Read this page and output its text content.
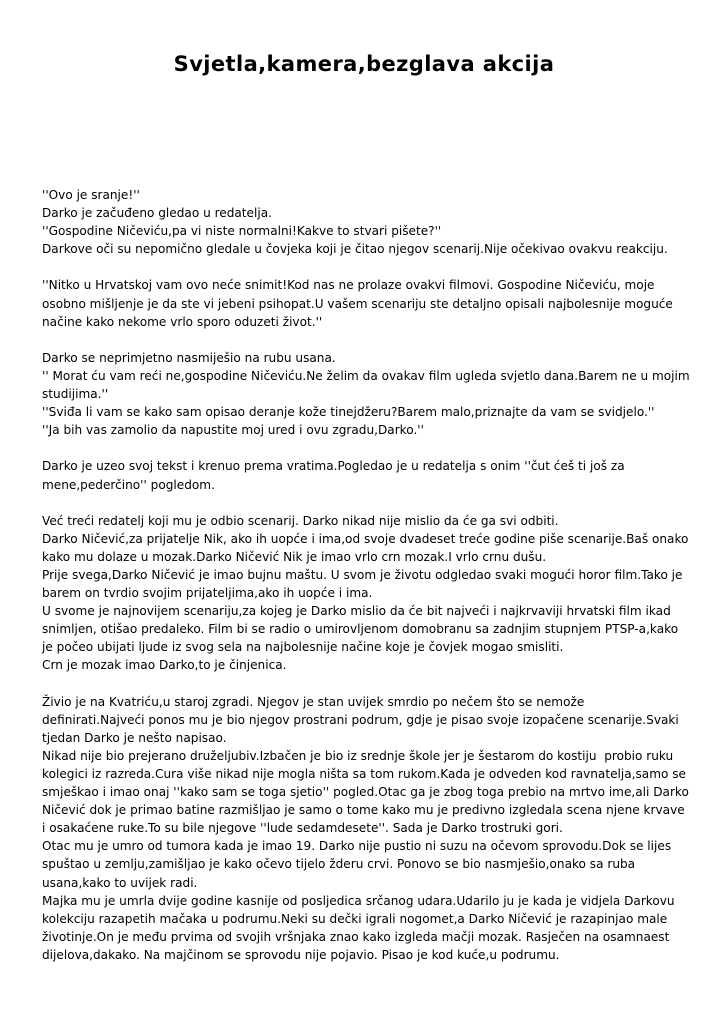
Svjetla,kamera,bezglava akcija

''Ovo je sranje!''
Darko je začuđeno gledao u redatelja.
''Gospodine Ničeviću,pa vi niste normalni!Kakve to stvari pišete?''
Darkove oči su nepomično gledale u čovjeka koji je čitao njegov scenarij.Nije očekivao ovakvu reakciju.

''Nitko u Hrvatskoj vam ovo neće snimit!Kod nas ne prolaze ovakvi filmovi. Gospodine Ničeviću, moje osobno mišljenje je da ste vi jebeni psihopat.U vašem scenariju ste detaljno opisali najbolesnije moguće načine kako nekome vrlo sporo oduzeti život.''

Darko se neprimjetno nasmiješio na rubu usana.
'' Morat ću vam reći ne,gospodine Ničeviću.Ne želim da ovakav film ugleda svjetlo dana.Barem ne u mojim studijima.''
''Sviđa li vam se kako sam opisao deranje kože tinejdžeru?Barem malo,priznajte da vam se svidjelo.''
''Ja bih vas zamolio da napustite moj ured i ovu zgradu,Darko.''

Darko je uzeo svoj tekst i krenuo prema vratima.Pogledao je u redatelja s onim ''čut ćeš ti još za mene,pederčino'' pogledom.

Već treći redatelj koji mu je odbio scenarij. Darko nikad nije mislio da će ga svi odbiti.
Darko Ničević,za prijatelje Nik, ako ih uopće i ima,od svoje dvadeset treće godine piše scenarije.Baš onako kako mu dolaze u mozak.Darko Ničević Nik je imao vrlo crn mozak.I vrlo crnu dušu.
Prije svega,Darko Ničević je imao bujnu maštu. U svom je životu odgledao svaki mogući horor film.Tako je barem on tvrdio svojim prijateljima,ako ih uopće i ima.
U svome je najnovijem scenariju,za kojeg je Darko mislio da će bit najveći i najkrvaviji hrvatski film ikad snimljen, otišao predaleko. Film bi se radio o umirovljenom domobranu sa zadnjim stupnjem PTSP-a,kako je počeo ubijati ljude iz svog sela na najbolesnije načine koje je čovjek mogao smisliti.
Crn je mozak imao Darko,to je činjenica.

Živio je na Kvatriću,u staroj zgradi. Njegov je stan uvijek smrdio po nečem što se nemože definirati.Najveći ponos mu je bio njegov prostrani podrum, gdje je pisao svoje izopačene scenarije.Svaki tjedan Darko je nešto napisao.
Nikad nije bio prejerano druželjubiv.Izbačen je bio iz srednje škole jer je šestarom do kostiju  probio ruku kolegici iz razreda.Cura više nikad nije mogla ništa sa tom rukom.Kada je odveden kod ravnatelja,samo se smješkao i imao onaj ''kako sam se toga sjetio'' pogled.Otac ga je zbog toga prebio na mrtvo ime,ali Darko Ničević dok je primao batine razmišljao je samo o tome kako mu je predivno izgledala scena njene krvave i osakaćene ruke.To su bile njegove ''lude sedamdesete''. Sada je Darko trostruki gori.
Otac mu je umro od tumora kada je imao 19. Darko nije pustio ni suzu na očevom sprovodu.Dok se lijes spuštao u zemlju,zamišljao je kako očevo tijelo žderu crvi. Ponovo se bio nasmješio,onako sa ruba usana,kako to uvijek radi.
Majka mu je umrla dvije godine kasnije od posljedica srčanog udara.Udarilo ju je kada je vidjela Darkovu kolekciju razapetih mačaka u podrumu.Neki su dečki igrali nogomet,a Darko Ničević je razapinjao male životinje.On je među prvima od svojih vršnjaka znao kako izgleda mačji mozak. Rasječen na osamnaest dijelova,dakako. Na majčinom se sprovodu nije pojavio. Pisao je kod kuće,u podrumu.
